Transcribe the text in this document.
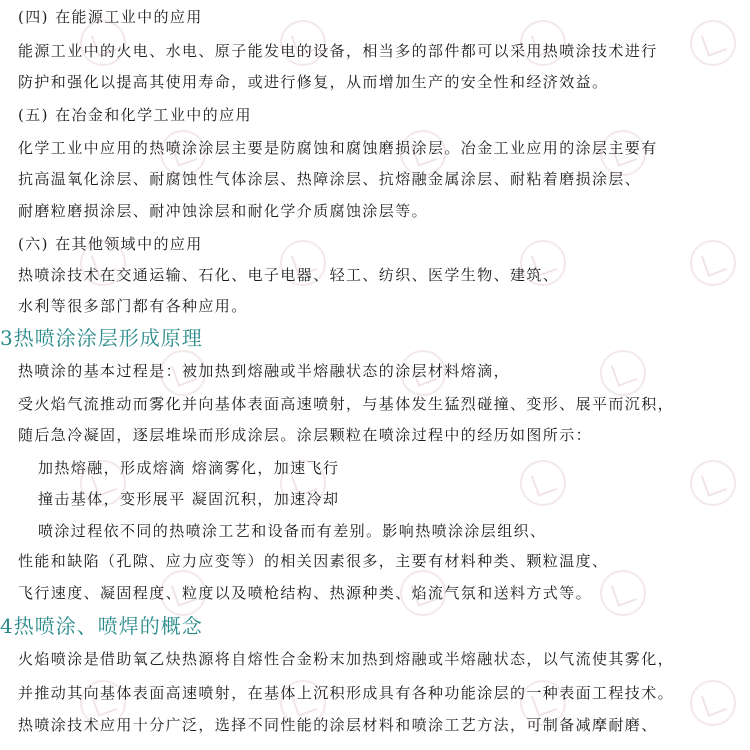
(四) 在能源工业中的应用
能源工业中的火电、水电、原子能发电的设备，相当多的部件都可以采用热喷涂技术进行
防护和强化以提高其使用寿命，或进行修复，从而增加生产的安全性和经济效益。
(五) 在冶金和化学工业中的应用
化学工业中应用的热喷涂涂层主要是防腐蚀和腐蚀磨损涂层。冶金工业应用的涂层主要有
抗高温氧化涂层、耐腐蚀性气体涂层、热障涂层、抗熔融金属涂层、耐粘着磨损涂层、
耐磨粒磨损涂层、耐冲蚀涂层和耐化学介质腐蚀涂层等。
(六) 在其他领域中的应用
热喷涂技术在交通运输、石化、电子电器、轻工、纺织、医学生物、建筑、
水利等很多部门都有各种应用。
3热喷涂涂层形成原理
热喷涂的基本过程是：被加热到熔融或半熔融状态的涂层材料熔滴，
受火焰气流推动而雾化并向基体表面高速喷射，与基体发生猛烈碰撞、变形、展平而沉积，
随后急冷凝固，逐层堆垛而形成涂层。涂层颗粒在喷涂过程中的经历如图所示：
加热熔融，形成熔滴 熔滴雾化，加速飞行
撞击基体，变形展平 凝固沉积，加速冷却
喷涂过程依不同的热喷涂工艺和设备而有差别。影响热喷涂涂层组织、
性能和缺陷（孔隙、应力应变等）的相关因素很多，主要有材料种类、颗粒温度、
飞行速度、凝固程度、粒度以及喷枪结构、热源种类、焰流气氛和送料方式等。
4热喷涂、喷焊的概念
火焰喷涂是借助氧乙炔热源将自熔性合金粉末加热到熔融或半熔融状态，以气流使其雾化，
并推动其向基体表面高速喷射，在基体上沉积形成具有各种功能涂层的一种表面工程技术。
热喷涂技术应用十分广泛，选择不同性能的涂层材料和喷涂工艺方法，可制备减摩耐磨、
